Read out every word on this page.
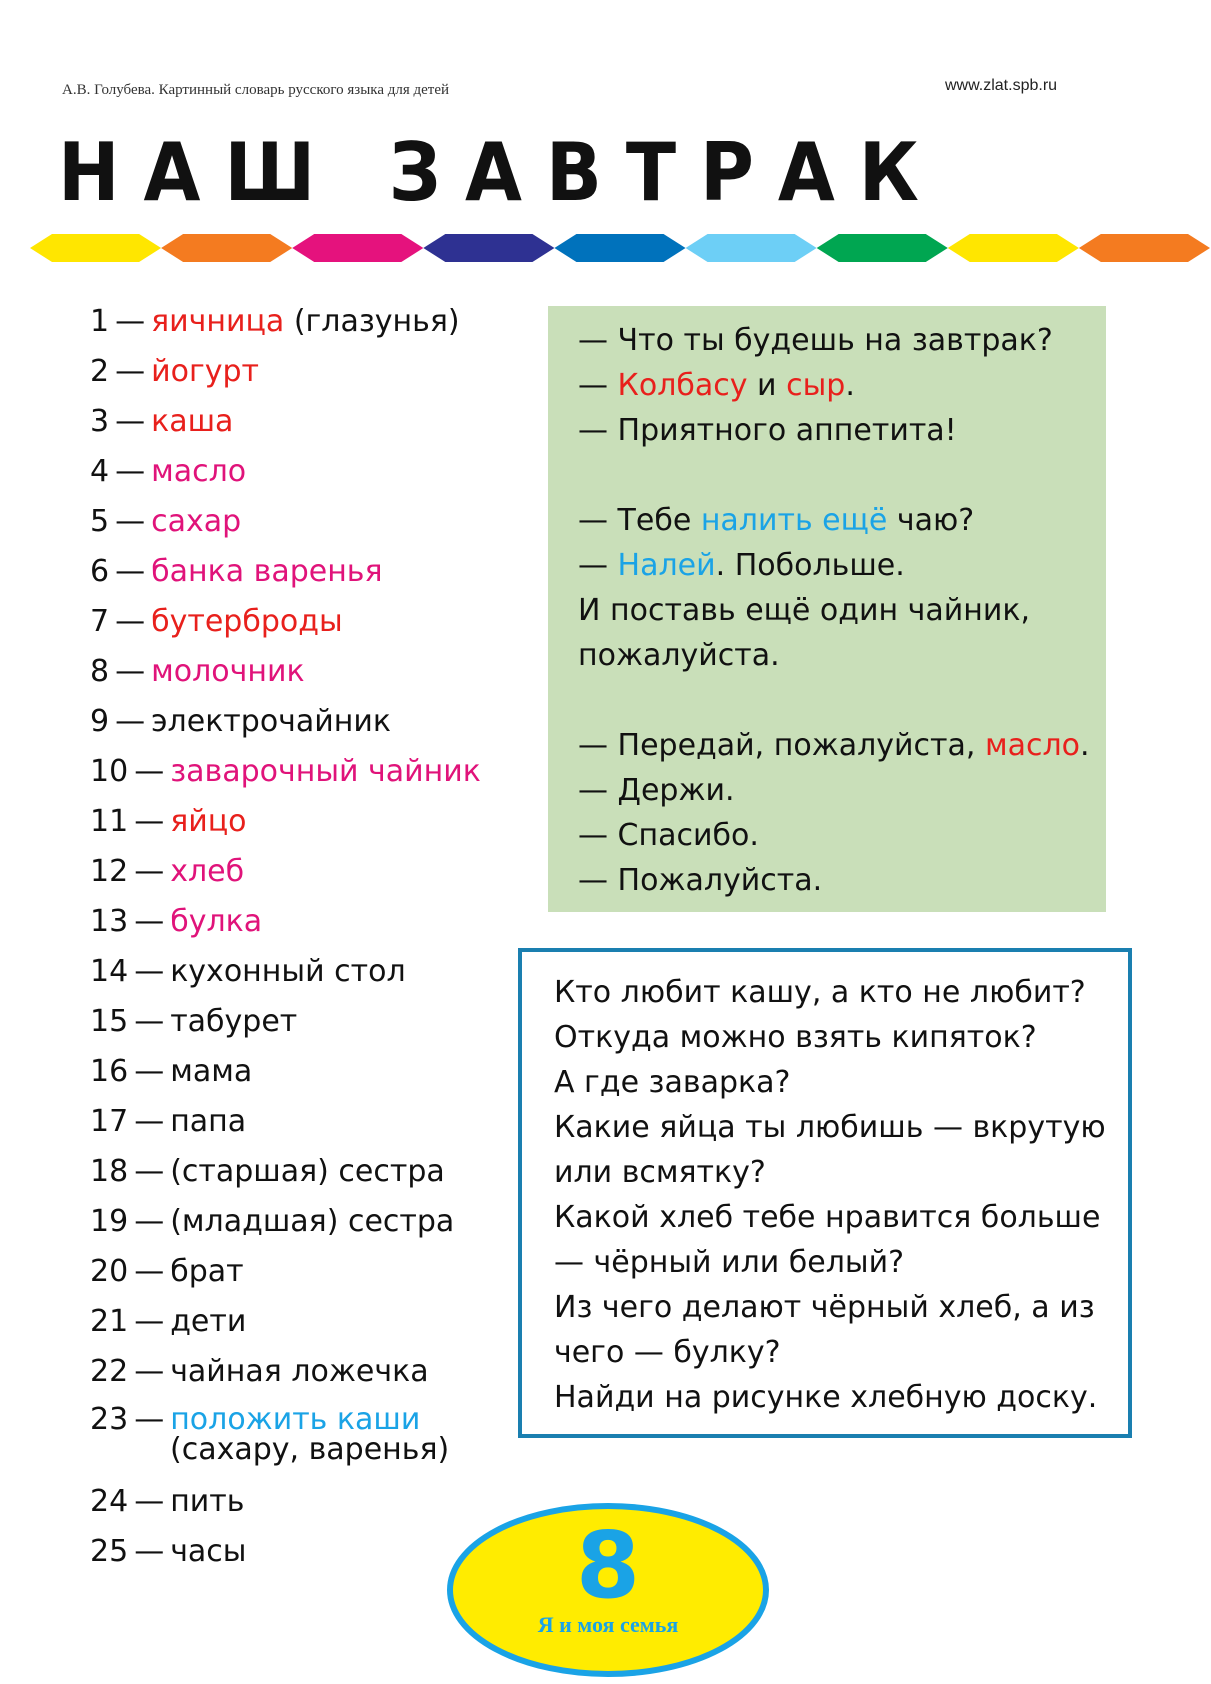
А.В. Голубева. Картинный словарь русского языка для детей	www.zlat.spb.ru
НАШ ЗАВТРАК
1 — яичница (глазунья)
2 — йогурт
3 — каша
4 — масло
5 — сахар
6 — банка варенья
7 — бутерброды
8 — молочник
9 — электрочайник
10 — заварочный чайник
11 — яйцо
12 — хлеб
13 — булка
14 — кухонный стол
15 — табурет
16 — мама
17 — папа
18 — (старшая) сестра
19 — (младшая) сестра
20 — брат
21 — дети
22 — чайная ложечка
23 — положить каши
(сахару, варенья)
24 — пить
25 — часы
— Что ты будешь на завтрак?
— Колбасу и сыр.
— Приятного аппетита!
— Тебе налить ещё чаю?
— Налей. Побольше.
И поставь ещё один чайник,
пожалуйста.
— Передай, пожалуйста, масло.
— Держи.
— Спасибо.
— Пожалуйста.
Кто любит кашу, а кто не любит?
Откуда можно взять кипяток?
А где заварка?
Какие яйца ты любишь — вкрутую
или всмятку?
Какой хлеб тебе нравится больше
— чёрный или белый?
Из чего делают чёрный хлеб, а из
чего — булку?
Найди на рисунке хлебную доску.
8
Я и моя семья
